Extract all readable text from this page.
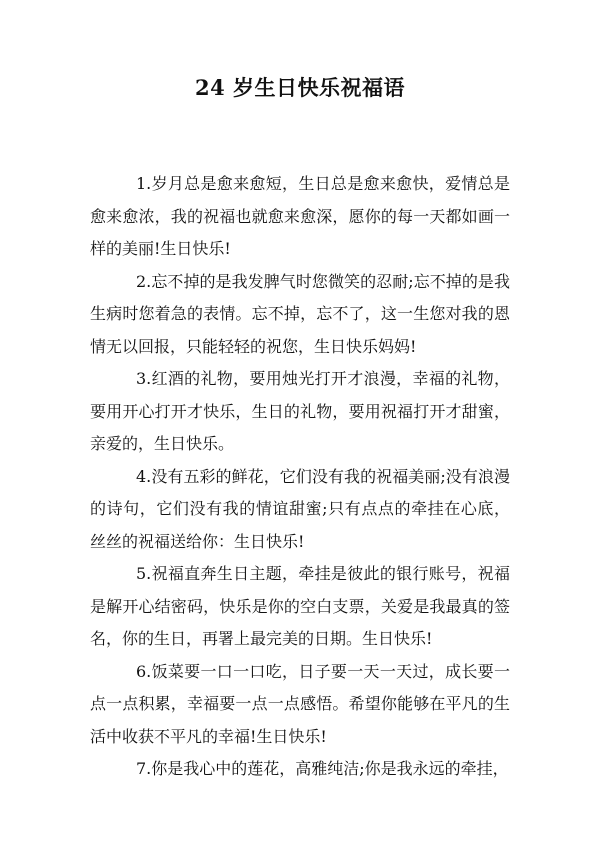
24 岁生日快乐祝福语

1.岁月总是愈来愈短，生日总是愈来愈快，爱情总是愈来愈浓，我的祝福也就愈来愈深，愿你的每一天都如画一样的美丽!生日快乐!

2.忘不掉的是我发脾气时您微笑的忍耐;忘不掉的是我生病时您着急的表情。忘不掉，忘不了，这一生您对我的恩情无以回报，只能轻轻的祝您，生日快乐妈妈!

3.红酒的礼物，要用烛光打开才浪漫，幸福的礼物，要用开心打开才快乐，生日的礼物，要用祝福打开才甜蜜，亲爱的，生日快乐。

4.没有五彩的鲜花，它们没有我的祝福美丽;没有浪漫的诗句，它们没有我的情谊甜蜜;只有点点的牵挂在心底，丝丝的祝福送给你：生日快乐!

5.祝福直奔生日主题，牵挂是彼此的银行账号，祝福是解开心结密码，快乐是你的空白支票，关爱是我最真的签名，你的生日，再署上最完美的日期。生日快乐!

6.饭菜要一口一口吃，日子要一天一天过，成长要一点一点积累，幸福要一点一点感悟。希望你能够在平凡的生活中收获不平凡的幸福!生日快乐!

7.你是我心中的莲花，高雅纯洁;你是我永远的牵挂，
